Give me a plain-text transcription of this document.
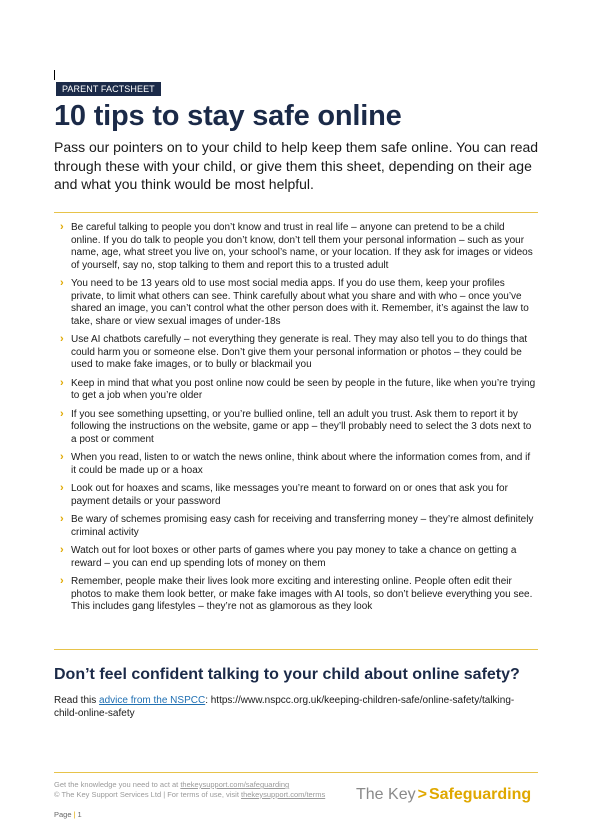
PARENT FACTSHEET
10 tips to stay safe online

Pass our pointers on to your child to help keep them safe online. You can read through these with your child, or give them this sheet, depending on their age and what you think would be most helpful.

› Be careful talking to people you don’t know and trust in real life – anyone can pretend to be a child online. If you do talk to people you don’t know, don’t tell them your personal information – such as your name, age, what street you live on, your school’s name, or your location. If they ask for images or videos of yourself, say no, stop talking to them and report this to a trusted adult
› You need to be 13 years old to use most social media apps. If you do use them, keep your profiles private, to limit what others can see. Think carefully about what you share and with who – once you’ve shared an image, you can’t control what the other person does with it. Remember, it’s against the law to take, share or view sexual images of under-18s
› Use AI chatbots carefully – not everything they generate is real. They may also tell you to do things that could harm you or someone else. Don’t give them your personal information or photos – they could be used to make fake images, or to bully or blackmail you
› Keep in mind that what you post online now could be seen by people in the future, like when you’re trying to get a job when you’re older
› If you see something upsetting, or you’re bullied online, tell an adult you trust. Ask them to report it by following the instructions on the website, game or app – they’ll probably need to select the 3 dots next to a post or comment
› When you read, listen to or watch the news online, think about where the information comes from, and if it could be made up or a hoax
› Look out for hoaxes and scams, like messages you’re meant to forward on or ones that ask you for payment details or your password
› Be wary of schemes promising easy cash for receiving and transferring money – they’re almost definitely criminal activity
› Watch out for loot boxes or other parts of games where you pay money to take a chance on getting a reward – you can end up spending lots of money on them
› Remember, people make their lives look more exciting and interesting online. People often edit their photos to make them look better, or make fake images with AI tools, so don’t believe everything you see. This includes gang lifestyles – they’re not as glamorous as they look
Don’t feel confident talking to your child about online safety?

Read this advice from the NSPCC: https://www.nspcc.org.uk/keeping-children-safe/online-safety/talking-child-online-safety

Get the knowledge you need to act at thekeysupport.com/safeguarding
© The Key Support Services Ltd | For terms of use, visit thekeysupport.com/terms The Key > Safeguarding
Page | 1
